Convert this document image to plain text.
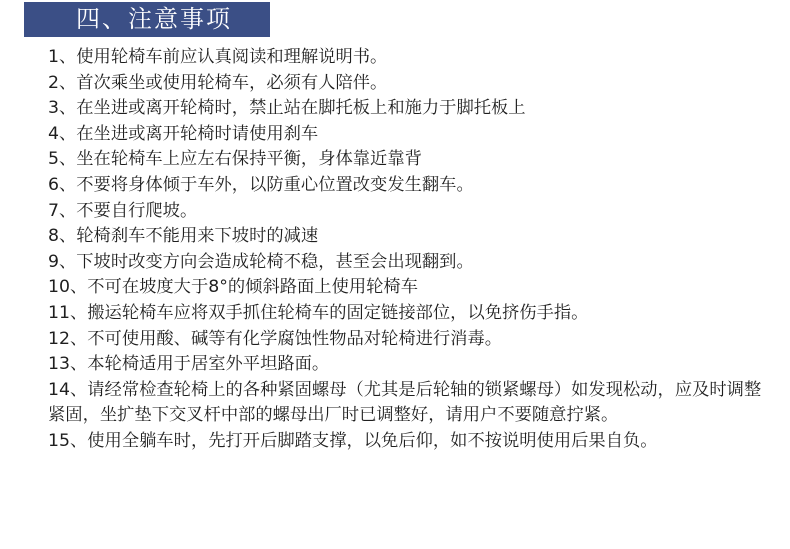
四、注意事项
1、使用轮椅车前应认真阅读和理解说明书。
2、首次乘坐或使用轮椅车，必须有人陪伴。
3、在坐进或离开轮椅时，禁止站在脚托板上和施力于脚托板上
4、在坐进或离开轮椅时请使用刹车
5、坐在轮椅车上应左右保持平衡，身体靠近靠背
6、不要将身体倾于车外，以防重心位置改变发生翻车。
7、不要自行爬坡。
8、轮椅刹车不能用来下坡时的减速
9、下坡时改变方向会造成轮椅不稳，甚至会出现翻到。
10、不可在坡度大于8°的倾斜路面上使用轮椅车
11、搬运轮椅车应将双手抓住轮椅车的固定链接部位，以免挤伤手指。
12、不可使用酸、碱等有化学腐蚀性物品对轮椅进行消毒。
13、本轮椅适用于居室外平坦路面。
14、请经常检查轮椅上的各种紧固螺母（尤其是后轮轴的锁紧螺母）如发现松动，应及时调整紧固，坐扩垫下交叉杆中部的螺母出厂时已调整好，请用户不要随意拧紧。
15、使用全躺车时，先打开后脚踏支撑，以免后仰，如不按说明使用后果自负。
